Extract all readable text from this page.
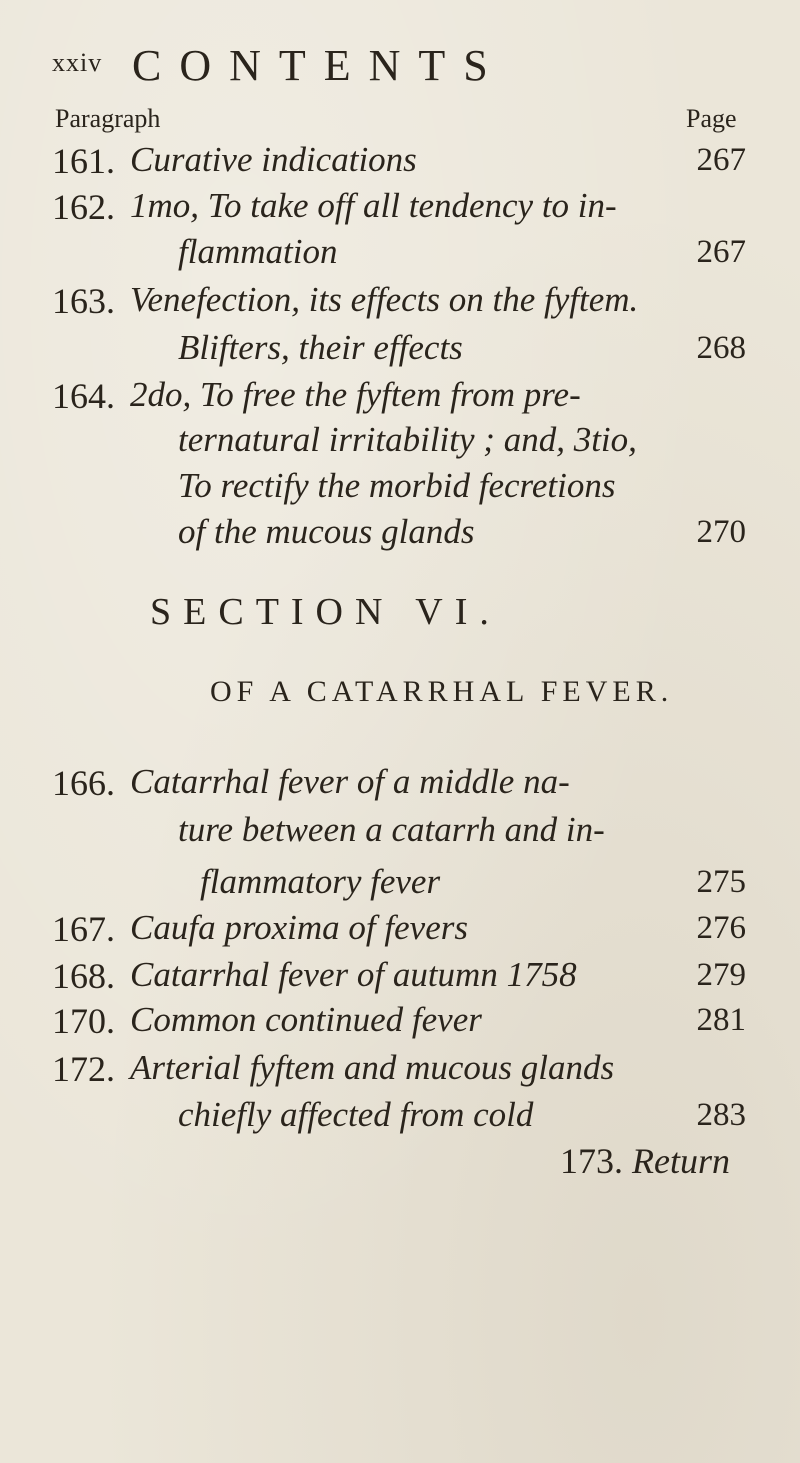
xxiv CONTENTS
Paragraph	Page
161. Curative indications	267
162. 1mo, To take off all tendency to in-
flammation	267
163. Venefection, its effects on the fyftem.
Blifters, their effects	268
164. 2do, To free the fyftem from pre-
ternatural irritability ; and, 3tio,
To rectify the morbid fecretions
of the mucous glands	270
SECTION VI.
OF A CATARRHAL FEVER.
166. Catarrhal fever of a middle na-
ture between a catarrh and in-
flammatory fever	275
167. Caufa proxima of fevers	276
168. Catarrhal fever of autumn 1758	279
170. Common continued fever	281
172. Arterial fyftem and mucous glands
chiefly affected from cold	283
173. Return
